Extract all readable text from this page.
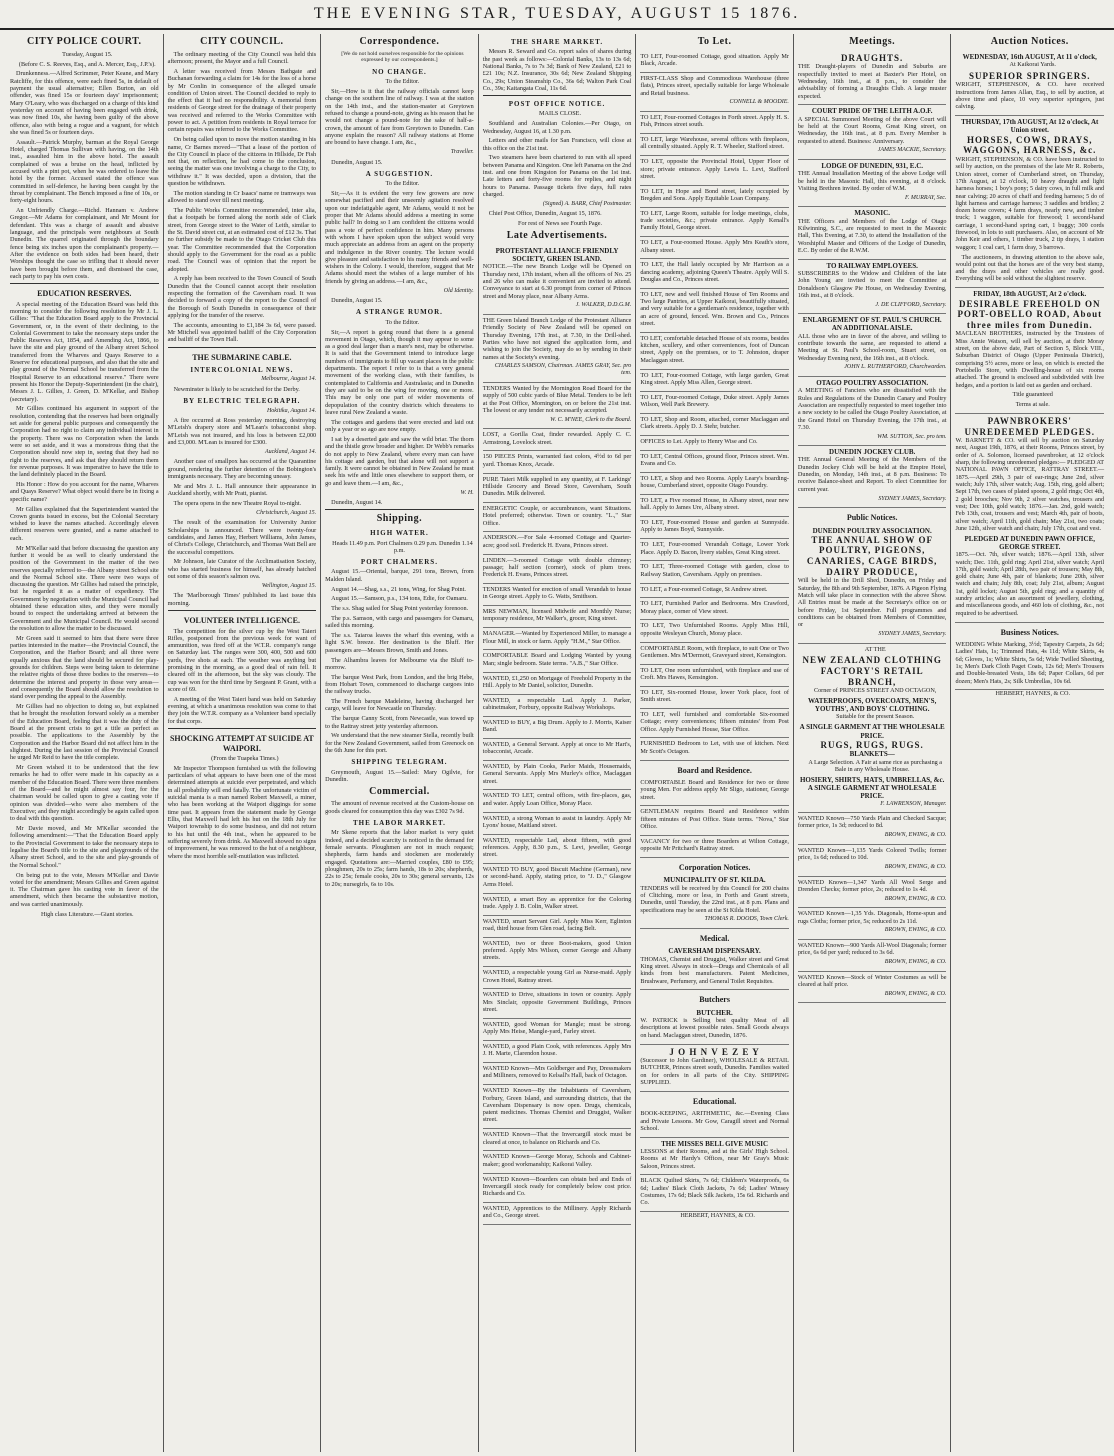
THE EVENING STAR, TUESDAY, AUGUST 15 1876.
CITY POLICE COURT.

Tuesday, August 15.

(Before C. S. Reeves, Esq., and A. Mercer, Esq., J.P.'s).

Drunkenness.—Alfred Scrimmer, Peter Keane, and Mary Ratcliffe, for this offence, were each fined 5s, in default of payment the usual alternative; Ellen Burton, an old offender, was fined 15s or fourteen days' imprisonment; Mary O'Leary, who was discharged on a charge of this kind yesterday on account of having been engaged with drink, was now fined 10s, she having been guilty of the above offence, also with being a rogue and a vagrant, for which she was fined 5s or fourteen days.

Assault.—Patrick Murphy, barman at the Royal George Hotel, charged Thomas Sullivan with having, on the 14th inst., assaulted him in the above hotel. The assault complained of was a bruise on the head, inflicted by accused with a pint pot, when he was ordered to leave the hotel by the former. Accused stated the offence was committed in self-defence, he having been caught by the throat by complainant. The Bench imposed a fine of 10s, or forty-eight hours.

An Unfriendly Charge.—Richd. Hannam v. Andrew Gregor.—Mr Adams for complainant, and Mr Mount for defendant. This was a charge of assault and abusive language, and the principals were neighbours at South Dunedin. The quarrel originated through the boundary fence being six inches upon the complainant's property.—After the evidence on both sides had been heard, their Worships thought the case so trifling that it should never have been brought before them, and dismissed the case, each party to pay his own costs.

EDUCATION RESERVES.

A special meeting of the Education Board was held this morning to consider the following resolution by Mr J. L. Gillies: "That the Education Board apply to the Provincial Government, or, in the event of their declining, to the Colonial Government to take the necessary steps under the Public Reserves Act, 1854, and Amending Act, 1866, to have the site and play ground of the Albany street School transferred from the Wharves and Quays Reserve to a Reserve for educational purposes, and also that the site and play ground of the Normal School be transferred from the Hospital Reserve to an educational reserve." There were present his Honor the Deputy-Superintendent (in the chair), Messrs J. L. Gillies, J. Green, D. M'Kellar, and Bishop (secretary).

Mr Gillies continued his argument in support of the resolution, contending that the reserves had been originally set aside for general public purposes and consequently the Corporation had no right to claim any individual interest in the property. There was no Corporation when the lands were so set aside, and it was a monstrous thing that the Corporation should now step in, seeing that they had no right to the reserves, and ask that they should return them for revenue purposes. It was imperative to have the title to the land definitely placed in the Board.

His Honor : How do you account for the name, Wharves and Quays Reserve? What object would there be in fixing a specific name?

Mr Gillies explained that the Superintendent wanted the Crown grants issued in excess, but the Colonial Secretary wished to leave the names attached. Accordingly eleven different reserves were granted, and a name attached to each.

Mr M'Kellar said that before discussing the question any further it would be as well to clearly understand the position of the Government in the matter of the two reserves specially referred to—the Albany street School site and the Normal School site. There were two ways of discussing the question. Mr Gillies had raised the principle, but he regarded it as a matter of expediency. The Government by negotiation with the Municipal Council had obtained these education sites, and they were morally bound to respect the undertaking arrived at between the Government and the Municipal Council. He would second the resolution to allow the matter to be discussed.

Mr Green said it seemed to him that there were three parties interested in the matter—the Provincial Council, the Corporation, and the Harbor Board; and all three were equally anxious that the land should be secured for play-grounds for children. Steps were being taken to determine the relative rights of those three bodies to the reserves—to determine the interest and property in those very areas—and consequently the Board should allow the resolution to stand over pending the appeal to the Assembly.

Mr Gillies had no objection to doing so, but explained that he brought the resolution forward solely as a member of the Education Board, feeling that it was the duty of the Board at the present crisis to get a title as perfect as possible. The applications to the Assembly by the Corporation and the Harbor Board did not affect him in the slightest. During the last session of the Provincial Council he urged Mr Reid to have the title complete.

Mr Green wished it to be understood that the few remarks he had to offer were made in his capacity as a member of the Education Board. There were three members of the Board—and he might almost say four, for the chairman would be called upon to give a casting vote if opinion was divided—who were also members of the Executive; and they might accordingly be again called upon to deal with this question.

Mr Davie moved, and Mr M'Kellar seconded the following amendment:—"That the Education Board apply to the Provincial Government to take the necessary steps to legalise the Board's title to the site and playgrounds of the Albany street School, and to the site and play-grounds of the Normal School."

On being put to the vote, Messrs M'Kellar and Davie voted for the amendment; Messrs Gillies and Green against it. The Chairman gave his casting vote in favor of the amendment, which then became the substantive motion, and was carried unanimously.

High class Literature.—Giant stories.

CITY COUNCIL.

The ordinary meeting of the City Council was held this afternoon; present, the Mayor and a full Council.

A letter was received from Messrs Bathgate and Buchanan forwarding a claim for 14s for the loss of a horse by Mr Conlin in consequence of the alleged unsafe condition of Union street. The Council decided to reply to the effect that it had no responsibility. A memorial from residents of George street for the drainage of their property was received and referred to the Works Committee with power to act. A petition from residents in Royal terrace for certain repairs was referred to the Works Committee.

On being called upon to move the motion standing in his name, Cr Barnes moved—"That a lease of the portion of the City Council in place of the citizens in Hillside, Dr Fish not that, on reflection, he had come to the conclusion, seeing the matter was one involving a charge to the City, to withdraw it." It was decided, upon a division, that the question be withdrawn.

The motion standing in Cr Isaacs' name re tramways was allowed to stand over till next meeting.

The Public Works Committee recommended, inter alia, that a footpath be formed along the north side of Clark street, from George street to the Water of Leith, similar to the St. David street cut, at an estimated cost of £12 3s. That no further subsidy be made to the Otago Cricket Club this year. The Committee recommended that the Corporation should apply to the Government for the road as a public road. The Council was of opinion that the report be adopted.

A reply has been received to the Town Council of South Dunedin that the Council cannot accept their resolution respecting the formation of the Caversham road. It was decided to forward a copy of the report to the Council of the Borough of South Dunedin in consequence of their applying for the transfer of the reserve.

The accounts, amounting to £1,184 3s 6d, were passed. Mr Mitchell was appointed bailiff of the City Corporation and bailiff of the Town Hall.

THE SUBMARINE CABLE.
INTERCOLONIAL NEWS.

Melbourne, August 14.

Newminster is likely to be scratched for the Derby.

BY ELECTRIC TELEGRAPH.

Hokitika, August 14.

A fire occurred at Ross yesterday morning, destroying M'Leish's drapery store and M'Lean's tobacconist shop. M'Leish was not insured, and his loss is between £2,000 and £3,000. M'Lean is insured for £300.

Auckland, August 14.

Another case of smallpox has occurred at the Quarantine ground, rendering the further detention of the Bobington's immigrants necessary. They are becoming uneasy.

Mr and Mrs J. L. Hall announce their appearance in Auckland shortly, with Mr Pratt, pianist.

The opera opens in the new Theatre Royal to-night.

Christchurch, August 15.

The result of the examination for University Junior Scholarships is announced. There were twenty-four candidates, and James Hay, Herbert Williams, John James, of Christ's College, Christchurch, and Thomas Watt Bell are the successful competitors.

Mr Johnson, late Curator of the Acclimatisation Society, who has started business for himself, has already hatched out some of this season's salmon ova.

Wellington, August 15.

The 'Marlborough Times' published its last issue this morning.

VOLUNTEER INTELLIGENCE.

The competition for the silver cup by the West Taieri Rifles, postponed from the previous week for want of ammunition, was fired off at the W.T.R. company's range on Saturday last. The ranges were 300, 400, 500 and 600 yards, five shots at each. The weather was anything but promising in the morning, as a good deal of rain fell. It cleared off in the afternoon, but the sky was cloudy. The cup was won for the third time by Sergeant P. Grant, with a score of 69.

A meeting of the West Taieri band was held on Saturday evening, at which a unanimous resolution was come to that they join the W.T.R. company as a Volunteer band specially for that corps.

SHOCKING ATTEMPT AT SUICIDE AT WAIPORI.

(From the Tuapeka Times.)

Mr Inspector Thompson furnished us with the following particulars of what appears to have been one of the most determined attempts at suicide ever perpetrated, and which in all probability will end fatally. The unfortunate victim of suicidal mania is a man named Robert Maxwell, a miner, who has been working at the Waipori diggings for some time past. It appears from the statement made by George Ellis, that Maxwell had left his hut on the 18th July for Waipori township to do some business, and did not return to his hut until the 4th inst., when he appeared to be suffering severely from drink. As Maxwell showed no signs of improvement, he was removed to the hut of a neighbour, where the most horrible self-mutilation was inflicted.

Correspondence.

[We do not hold ourselves responsible for the opinions expressed by our correspondents.]

NO CHANGE.

To the Editor.

Sir,—How is it that the railway officials cannot keep change on the southern line of railway. I was at the station on the 14th inst., and the station-master at Greytown refused to change a pound-note, giving as his reason that he would not change a pound-note for the sake of half-a-crown, the amount of fare from Greytown to Dunedin. Can anyone explain the reason? All railway stations at Home are bound to have change. I am, &c.,

Traveller.

Dunedin, August 15.

A SUGGESTION.

To the Editor.

Sir,—As it is evident the very few growers are now somewhat pacified and their unseemly agitation resolved upon our indefatigable agent, Mr Adams, would it not be proper that Mr Adams should address a meeting in some public hall? In doing so I am confident the citizens would pass a vote of perfect confidence in him. Many persons with whom I have spoken upon the subject would very much appreciate an address from an agent on the property and indulgence in the River country. The lecture would give pleasure and satisfaction to his many friends and well-wishers in the Colony. I would, therefore, suggest that Mr Adams should meet the wishes of a large number of his friends by giving an address.—I am, &c.,

Old Identity.

Dunedin, August 15.

A STRANGE RUMOR.

To the Editor.

Sir,—A report is going round that there is a general movement in Otago, which, though it may appear to some as a good deal larger than a mare's nest, may be otherwise. It is said that the Government intend to introduce large numbers of immigrants to fill up vacant places in the public departments. The report I refer to is that a very general movement of the working class, with their families, is contemplated to California and Australasia; and in Dunedin they are said to be on the wing for moving, one or more. This may be only one part of wider movements of depopulation of the country districts which threatens to leave rural New Zealand a waste.

The cottages and gardens that were erected and laid out only a year or so ago are now empty.

I sat by a deserted gate and saw the wild briar. The thorn and the thistle grow broader and higher. Dr Webb's remarks do not apply to New Zealand, where every man can have his cottage and garden, but that alone will not support a family. It were cannot be obtained in New Zealand he must seek his wife and little ones elsewhere to support them, or go and leave them.—I am, &c.,

W. H.

Dunedin, August 14.

Shipping.
HIGH WATER.

Heads 11.49 p.m. Port Chalmers 0.29 p.m. Dunedin 1.14 p.m.

PORT CHALMERS.

August 15.—Oriental, barque, 291 tons, Brown, from Malden Island.

August 14.—Shag, s.s., 21 tons, Wing, for Shag Point.

August 15.—Samson, p.s., 134 tons, Edie, for Oamaru.

The s.s. Shag sailed for Shag Point yesterday forenoon.

The p.s. Samson, with cargo and passengers for Oamaru, sailed this morning.

The s.s. Taiaroa leaves the wharf this evening, with a light S.W. breeze. Her destination is the Bluff. Her passengers are—Messrs Brown, Smith and Jones.

The Alhambra leaves for Melbourne via the Bluff to-morrow.

The barque West Park, from London, and the brig Hebe, from Hobart Town, commenced to discharge cargoes into the railway trucks.

The French barque Madeleine, having discharged her cargo, will leave for Newcastle on Thursday.

The barque Canny Scott, from Newcastle, was towed up to the Rattray street jetty yesterday afternoon.

We understand that the new steamer Stella, recently built for the New Zealand Government, sailed from Greenock on the 6th June for this port.

SHIPPING TELEGRAM.

Greymouth, August 15.—Sailed: Mary Ogilvie, for Dunedin.

Commercial.

The amount of revenue received at the Custom-house on goods cleared for consumption this day was £302 7s 9d.

THE LABOR MARKET.

Mr Skene reports that the labor market is very quiet indeed, and a decided scarcity is noticed in the demand for female servants. Ploughmen are not in much request; shepherds, farm hands and stockmen are moderately engaged. Quotations are:—Married couples, £80 to £95; ploughmen, 20s to 25s; farm hands, 18s to 20s; shepherds, 22s to 25s; female cooks, 20s to 30s; general servants, 12s to 20s; nursegirls, 6s to 10s.

THE SHARE MARKET.

Messrs R. Seward and Co. report sales of shares during the past week as follows:—Colonial Banks, 13s to 13s 6d; National Banks, 7s to 7s 3d; Bank of New Zealand, £21 to £21 10s; N.Z. Insurance, 30s 6d; New Zealand Shipping Co., 29s; Union Steamship Co., 36s 6d; Walton Park Coal Co., 39s; Kaitangata Coal, 11s 6d.

POST OFFICE NOTICE.

MAILS CLOSE.

Southland and Australian Colonies.—Per Otago, on Wednesday, August 16, at 1.30 p.m.

Letters and other mails for San Francisco, will close at this office on the 21st inst.

Two steamers have been chartered to run with all speed between Panama and Kingston. One left Panama on the 2nd inst. and one from Kingston for Panama on the 1st inst. Late letters and forty-five rooms for replies, and night hours to Panama. Passage tickets five days, full rates charged.

(Signed) A. BARR, Chief Postmaster.

Chief Post Office, Dunedin, August 15, 1876.

For rest of News see Fourth Page.

Late Advertisements.
PROTESTANT ALLIANCE FRIENDLY SOCIETY, GREEN ISLAND.

NOTICE.—The new Branch Lodge will be Opened on Thursday next, 17th instant, when all the officers of No. 25 and 26 who can make it convenient are invited to attend. Conveyance to start at 6.30 prompt from corner of Princes street and Moray place, near Albany Arms.

J. WALKER, D.D.G.M.

THE Green Island Branch Lodge of the Protestant Alliance Friendly Society of New Zealand will be opened on Thursday Evening, 17th inst., at 7.30, in the Drill-shed. Parties who have not signed the application form, and wishing to join the Society, may do so by sending in their names at the Society's evening.

CHARLES SAMSON, Chairman. JAMES GRAY, Sec. pro tem.

TENDERS Wanted by the Mornington Road Board for the supply of 500 cubic yards of Blue Metal. Tenders to be left at the Post Office, Mornington, on or before the 21st inst. The lowest or any tender not necessarily accepted.

W. C. M'NEE, Clerk to the Board.

LOST, a Gorilla Coat, finder rewarded. Apply C. C. Armstrong, Lovelock street.

150 PIECES Prints, warranted fast colors, 4½d to 6d per yard. Thomas Knox, Arcade.

PURE Taieri Milk supplied in any quantity, at F. Larkings' Hillside Grocery and Bread Store, Caversham, South Dunedin. Milk delivered.

ENERGETIC Couple, or accumbrances, want Situations. Hotel preferred; otherwise. Town or country. "L.," Star Office.

ANDERSON.—For Sale 4-roomed Cottage and Quarter-acre; good soil. Frederick H. Evans, Princes street.

LINDEN.—3-roomed Cottage with double chimney; passage; half section (corner), stock of plum trees. Frederick H. Evans, Princes street.

TENDERS Wanted for erection of small Verandah to house in George street. Apply to G. Watts, Smithson.

MRS NEWMAN, licensed Midwife and Monthly Nurse; temporary residence, Mr Walker's, grocer, King street.

MANAGER.—Wanted by Experienced Miller, to manage a Flour Mill, in stock or farm. Apply "H.M.," Star Office.

COMFORTABLE Board and Lodging Wanted by young Man; single bedroom. State terms. "A.B.," Star Office.

WANTED, £1,250 on Mortgage of Freehold Property in the Hill. Apply to Mr Daniel, solicitor, Dunedin.

WANTED, a respectable Lad. Apply J. Parker, cabinetmaker, Forbury, opposite Railway Workshops.

WANTED to BUY, a Big Drum. Apply to J. Morris, Kaiser Band.

WANTED, a General Servant. Apply at once to Mr Hart's, tobacconist, Arcade.

WANTED, by Plain Cooks, Parlor Maids, Housemaids, General Servants. Apply Mrs Murley's office, Maclaggan street.

WANTED TO LET, central offices, with fire-places, gas, and water. Apply Loan Office, Moray Place.

WANTED, a strong Woman to assist in laundry. Apply Mr Lyons' house, Maitland street.

WANTED, respectable Lad, about fifteen, with good references. Apply, 8.30 p.m., S. Levi, jeweller, George street.

WANTED TO BUY, good Biscuit Machine (German), new or second-hand. Apply, stating price, to "J. D.," Glasgow Arms Hotel.

WANTED, a smart Boy as apprentice for the Coloring trade. Apply J. B. Colin, Walker street.

WANTED, smart Servant Girl. Apply Miss Kerr, Eglinton road, third house from Glen road, facing Belt.

WANTED, two or three Boot-makers, good Union preferred. Apply Mrs Wilson, corner George and Albany streets.

WANTED, a respectable young Girl as Nurse-maid. Apply Crown Hotel, Rattray street.

WANTED to Drive, situations in town or country. Apply Mrs Sinclair, opposite Government Buildings, Princes street.

WANTED, good Woman for Mangle; must be strong. Apply Mrs Heise, Mangle-yard, Farley street.

WANTED, a good Plain Cook, with references. Apply Mrs J. H. Marte, Clarendon house.

WANTED Known—Mrs Goldberger and Pay, Dressmakers and Milliners, removed to Kelsall's Hall, back of Octagon.

WANTED Known—By the Inhabitants of Caversham, Forbury, Green Island, and surrounding districts, that the Caversham Dispensary is now open. Drugs, chemicals, patent medicines. Thomas Chemist and Druggist, Walker street.

WANTED Known—That the Invercargill stock must be cleared at once, to balance on Richards and Co.

WANTED Known—George Moray, Schools and Cabinet-maker; good workmanship; Kaikorai Valley.

WANTED Known—Boarders can obtain bed and Ends of Invercargill stock ready for completely below cost price. Richards and Co.

WANTED, Apprentices to the Millinery. Apply Richards and Co., George street.

To Let.

TO LET, Four-roomed Cottage, good situation. Apply Mr Black, Arcade.

FIRST-CLASS Shop and Commodious Warehouse (three flats), Princes street, specially suitable for large Wholesale and Retail business.

CONNELL & MOODIE.

TO LET, Four-roomed Cottages in Forth street. Apply H. S. Fish, Princes street south.

TO LET, large Warehouse, several offices with fireplaces, all centrally situated. Apply R. T. Wheeler, Stafford street.

TO LET, opposite the Provincial Hotel, Upper Floor of store; private entrance. Apply Lewis L. Levi, Stafford street.

TO LET, in Hope and Bond street, lately occupied by Bregden and Sons. Apply Equitable Loan Company.

TO LET, Large Room, suitable for lodge meetings, clubs, trade societies, &c.; private entrance. Apply Kenall's Family Hotel, George street.

TO LET, a Four-roomed House. Apply Mrs Keath's store, Albany street.

TO LET, the Hall lately occupied by Mr Harrison as a dancing academy, adjoining Queen's Theatre. Apply Will S. Douglas and Co., Princes street.

TO LET, new and well finished House of Ten Rooms and Two large Pantries, at Upper Kaikorai, beautifully situated, and very suitable for a gentleman's residence, together with an acre of ground, fenced. Wm. Brown and Co., Princes street.

TO LET, comfortable detached House of six rooms, besides kitchen, scullery, and other conveniences, foot of Duncan street, Apply on the premises, or to T. Johnston, draper Maclaggan street.

TO LET, Four-roomed Cottage, with large garden, Great King street. Apply Miss Allen, George street.

TO LET, Four-roomed Cottage, Duke street. Apply James Wilson, Well Park Brewery.

TO LET, Shop and Room, attached, corner Maclaggan and Clark streets. Apply D. J. Stehr, butcher.

OFFICES to Let. Apply to Henry Wise and Co.

TO LET, Central Offices, ground floor, Princes street. Wm. Evans and Co.

TO LET, a Shop and two Rooms. Apply Leary's boarding-house, Cumberland street, opposite Otago Foundry.

TO LET, a Five roomed House, in Albany street, near new hall. Apply to James Ure, Albany street.

TO LET, Four-roomed House and garden at Sunnyside. Apply to James Boyd, Sunnyside.

TO LET, Four-roomed Verandah Cottage, Lower York Place. Apply D. Bacon, livery stables, Great King street.

TO LET, Three-roomed Cottage with garden, close to Railway Station, Caversham. Apply on premises.

TO LET, a Four-roomed Cottage, St Andrew street.

TO LET, Furnished Parlor and Bedrooms. Mrs Crawford, Moray place, corner of View street.

TO LET, Two Unfurnished Rooms. Apply Miss Hill, opposite Wesleyan Church, Moray place.

COMFORTABLE Room, with fireplace, to suit One or Two Gentlemen. Mrs M'Dermott, Graveyard street, Kensington.

TO LET, One room unfurnished, with fireplace and use of Croft. Mrs Hawes, Kensington.

TO LET, Six-roomed House, lower York place, foot of Smith street.

TO LET, well furnished and comfortable Six-roomed Cottage; every conveniences; fifteen minutes' from Post Office. Apply Furnished House, Star Office.

FURNISHED Bedroom to Let, with use of kitchen. Next Mr Scott's Octagon.

Board and Residence.

COMFORTABLE Board and Residence for two or three young Men. For address apply Mr Sligo, stationer, George street.

GENTLEMAN requires Board and Residence within fifteen minutes of Post Office. State terms. "Nova," Star Office.

VACANCY for two or three Boarders at Wilton Cottage, opposite Mr Pritchard's Rattray street.

Corporation Notices.
MUNICIPALITY OF ST. KILDA.

TENDERS will be received by this Council for 200 chains of Clitching, more or less, in Forth and Grant streets, Dunedin, until Tuesday, the 22nd inst., at 8 p.m. Plans and specifications may be seen at the St Kilda Hotel.

THOMAS R. DOODS, Town Clerk.

Medical.
CAVERSHAM DISPENSARY.

THOMAS, Chemist and Druggist, Walker street and Great King street. Always in stock—Drugs and Chemicals of all kinds from best manufacturers. Patent Medicines, Brushware, Perfumery, and General Toilet Requisites.

Butchers
BUTCHER.

W. PATRICK is Selling best quality Meat of all descriptions at lowest possible rates. Small Goods always on hand. Maclaggan street, Dunedin, 1876.

J O H N V E Z E Y

(Successor to John Gardiner), WHOLESALE & RETAIL BUTCHER, Princes street south, Dunedin. Families waited on for orders in all parts of the City. SHIPPING SUPPLIED.

Educational.

BOOK-KEEPING, ARITHMETIC, &c.—Evening Class and Private Lessons. Mr Gow, Caragill street and Normal School.

THE MISSES BELL GIVE MUSIC

LESSONS at their Rooms, and at the Girls' High School. Rooms at Mr Hardy's Offices, near Mr Gray's Music Saloon, Princes street.

BLACK Quilted Skirts, 7s 6d; Children's Waterproofs, 6s 6d; Ladies' Black Cloth Jackets, 7s 6d; Ladies' Winsey Costumes, 17s 6d; Black Silk Jackets, 15s 6d. Richards and Co.

HERBERT, HAYNES, & CO.

Meetings.
DRAUGHTS.

THE Draught-players of Dunedin and Suburbs are respectfully invited to meet at Baxter's Pier Hotel, on Wednesday, 16th inst., at 8 p.m., to consider the advisability of forming a Draughts Club. A large muster expected.

COURT PRIDE OF THE LEITH A.O.F.

A SPECIAL Summoned Meeting of the above Court will be held at the Court Rooms, Great King street, on Wednesday, the 16th inst., at 8 p.m. Every Member is requested to attend. Business: Anniversary.

JAMES MACKIE, Secretary.

LODGE OF DUNEDIN, 931, E.C.

THE Annual Installation Meeting of the above Lodge will be held in the Masonic Hall, this evening, at 8 o'clock. Visiting Brethren invited. By order of W.M.

F. MURRAY, Sec.

MASONIC.

THE Officers and Members of the Lodge of Otago Kilwinning, S.C., are requested to meet in the Masonic Hall, This Evening, at 7.30, to attend the Installation of the Worshipful Master and Officers of the Lodge of Dunedin, E.C. By order of the R.W.M.

TO RAILWAY EMPLOYEES.

SUBSCRIBERS to the Widow and Children of the late John Young are invited to meet the Committee at Donaldson's Glasgow Pie House, on Wednesday Evening, 16th inst., at 8 o'clock.

J. DE CLIFFORD, Secretary.

ENLARGEMENT OF ST. PAUL'S CHURCH. AN ADDITIONAL AISLE.

ALL those who are in favor of the above, and willing to contribute towards the same, are requested to attend a Meeting at St. Paul's School-room, Stuart street, on Wednesday Evening next, the 16th inst., at 8 o'clock.

JOHN L. RUTHERFORD, Churchwarden.

OTAGO POULTRY ASSOCIATION.

A MEETING of Fanciers who are dissatisfied with the Rules and Regulations of the Dunedin Canary and Poultry Association are respectfully requested to meet together into a new society to be called the Otago Poultry Association, at the Grand Hotel on Thursday Evening, the 17th inst., at 7.30.

WM. SUTTON, Sec. pro tem.

DUNEDIN JOCKEY CLUB.

THE Annual General Meeting of the Members of the Dunedin Jockey Club will be held at the Empire Hotel, Dunedin, on Monday, 14th inst., at 8 p.m. Business: To receive Balance-sheet and Report. To elect Committee for current year.

SYDNEY JAMES, Secretary.

Public Notices.
DUNEDIN POULTRY ASSOCIATION.
THE ANNUAL SHOW OF POULTRY, PIGEONS, CANARIES, CAGE BIRDS, DAIRY PRODUCE,

Will be held in the Drill Shed, Dunedin, on Friday and Saturday, the 8th and 9th September, 1876. A Pigeon Flying Match will take place in connection with the above Show. All Entries must be made at the Secretary's office on or before Friday, 1st September. Full programmes and conditions can be obtained from Members of Committee, or

SYDNEY JAMES, Secretary.

AT THE

NEW ZEALAND CLOTHING FACTORY'S RETAIL BRANCH,

Corner of PRINCES STREET AND OCTAGON,

WATERPROOFS, OVERCOATS, MEN'S, YOUTHS', AND BOYS' CLOTHING.

Suitable for the present Season.

A SINGLE GARMENT AT THE WHOLESALE PRICE.
RUGS, RUGS, RUGS.
BLANKETS—

A Large Selection. A Fair at same rice as purchasing a Bale in any Wholesale House.

HOSIERY, SHIRTS, HATS, UMBRELLAS, &c.
A SINGLE GARMENT AT WHOLESALE PRICE.

F. LAWRENSON, Manager.

WANTED Known—750 Yards Plain and Checked Sacque; former price, 1s 3d; reduced to 8d.

BROWN, EWING, & CO.

WANTED Known—1,135 Yards Colored Twills; former price, 1s 6d; reduced to 10d.

BROWN, EWING, & CO.

WANTED Known—1,347 Yards All Wool Serge and Drenden Checks; former price, 2s; reduced to 1s 4d.

BROWN, EWING, & CO.

WANTED Known—1,35 Yds. Diagonals, Home-spun and rugs Cloths; former price, 5s; reduced to 2s 11d.

BROWN, EWING, & CO.

WANTED Known—900 Yards All-Wool Diagonals; former price, 6s 6d per yard; reduced to 3s 6d.

BROWN, EWING, & CO.

WANTED Known—Stock of Winter Costumes as will be cleared at half price.

BROWN, EWING, & CO.

Auction Notices.
WEDNESDAY, 16th AUGUST, At 11 o'clock,

At Kaikorai Yards.

SUPERIOR SPRINGERS.

WRIGHT, STEPHENSON, & CO. have received instructions from James Allan, Esq., to sell by auction, at above time and place, 10 very superior springers, just calving.

THURSDAY, 17th AUGUST, At 12 o'clock, At Union street.
HORSES, COWS, DRAYS, WAGGONS, HARNESS, &c.

WRIGHT, STEPHENSON, & CO. have been instructed to sell by auction, on the premises of the late Mr R. Roberts, Union street, corner of Cumberland street, on Thursday, 17th August, at 12 o'clock, 10 heavy draught and light harness horses; 1 boy's pony; 5 dairy cows, in full milk and near calving; 20 acres of chaff and feeding harness; 5 do of light harness and carriage harness; 3 saddles and bridles; 2 dozen horse covers; 4 farm drays, nearly new, and timber truck; 1 waggon, suitable for firewood; 1 second-hand carriage, 1 second-hand spring cart, 1 buggy; 300 cords firewood, in lots to suit purchasers. Also, on account of Mr John Keir and others, 1 timber truck, 2 tip drays, 1 station waggon; 1 coal cart, 1 farm dray, 3 barrows.

The auctioneers, in drawing attention to the above sale, would point out that the horses are of the very best stamp, and the drays and other vehicles are really good. Everything will be sold without the slightest reserve.

FRIDAY, 18th AUGUST, At 2 o'clock.
DESIRABLE FREEHOLD ON PORT-OBELLO ROAD, About three miles from Dunedin.

MACLEAN BROTHERS, instructed by the Trustees of Miss Annie Watson, will sell by auction, at their Moray street, on the above date, Part of Section 5, Block VIII., Suburban District of Otago (Upper Peninsula District), comprising 5½ acres, more or less, on which is erected the Portobello Store, with Dwelling-house of six rooms attached. The ground is enclosed and subdivided with live hedges, and a portion is laid out as garden and orchard.

Title guaranteed

Terms at sale.

PAWNBROKERS' UNREDEEMED PLEDGES.

W. BARNETT & CO. will sell by auction on Saturday next, August 19th, 1876, at their Rooms, Princes street, by order of A. Solomon, licensed pawnbroker, at 12 o'clock sharp, the following unredeemed pledges:— PLEDGED AT NATIONAL PAWN OFFICE, RATTRAY STREET.— 1875.—April 29th, 3 pair of ear-rings; June 2nd, silver watch; July 17th, silver watch; Aug. 15th, ring, gold albert; Sept 17th, two cases of plated spoons, 2 gold rings; Oct 4th, 2 gold brooches; Nov 9th, 2 silver watches, trousers and vest; Dec 10th, gold watch; 1876.—Jan. 2nd, gold watch; Feb 13th, coat, trousers and vest; March 4th, pair of boots, silver watch; April 11th, gold chain; May 21st, two coats; June 12th, silver watch and chain; July 17th, coat and vest.

PLEDGED AT DUNEDIN PAWN OFFICE, GEORGE STREET.

1875.—Oct. 7th, silver watch; 1876.—April 13th, silver watch; Dec. 11th, gold ring; April 21st, silver watch; April 17th, gold watch; April 28th, two pair of trousers; May 8th, gold chain; June 4th, pair of blankets; June 20th, silver watch and chain; July 8th, coat; July 21st, album; August 1st, gold locket; August 5th, gold ring; and a quantity of sundry articles; also an assortment of jewellery, clothing, and miscellaneous goods, and 460 lots of clothing, &c., not required to be advertised.

Business Notices.

WEDDING White Marking, 3½d; Tapestry Carpets, 2s 6d; Ladies' Hats, 1s; Trimmed Hats, 4s 11d; White Skirts, 4s 6d; Gloves, 1s; White Shirts, 5s 6d; Wide Twilled Sheeting, 1s; Men's Dark Cloth Paget Coats, 12s 6d; Men's Trousers and Double-breasted Vests, 18s 6d; Paper Collars, 6d per dozen; Men's Hats, 2s; Silk Umbrellas, 10s 6d.

HERBERT, HAYNES, & CO.
